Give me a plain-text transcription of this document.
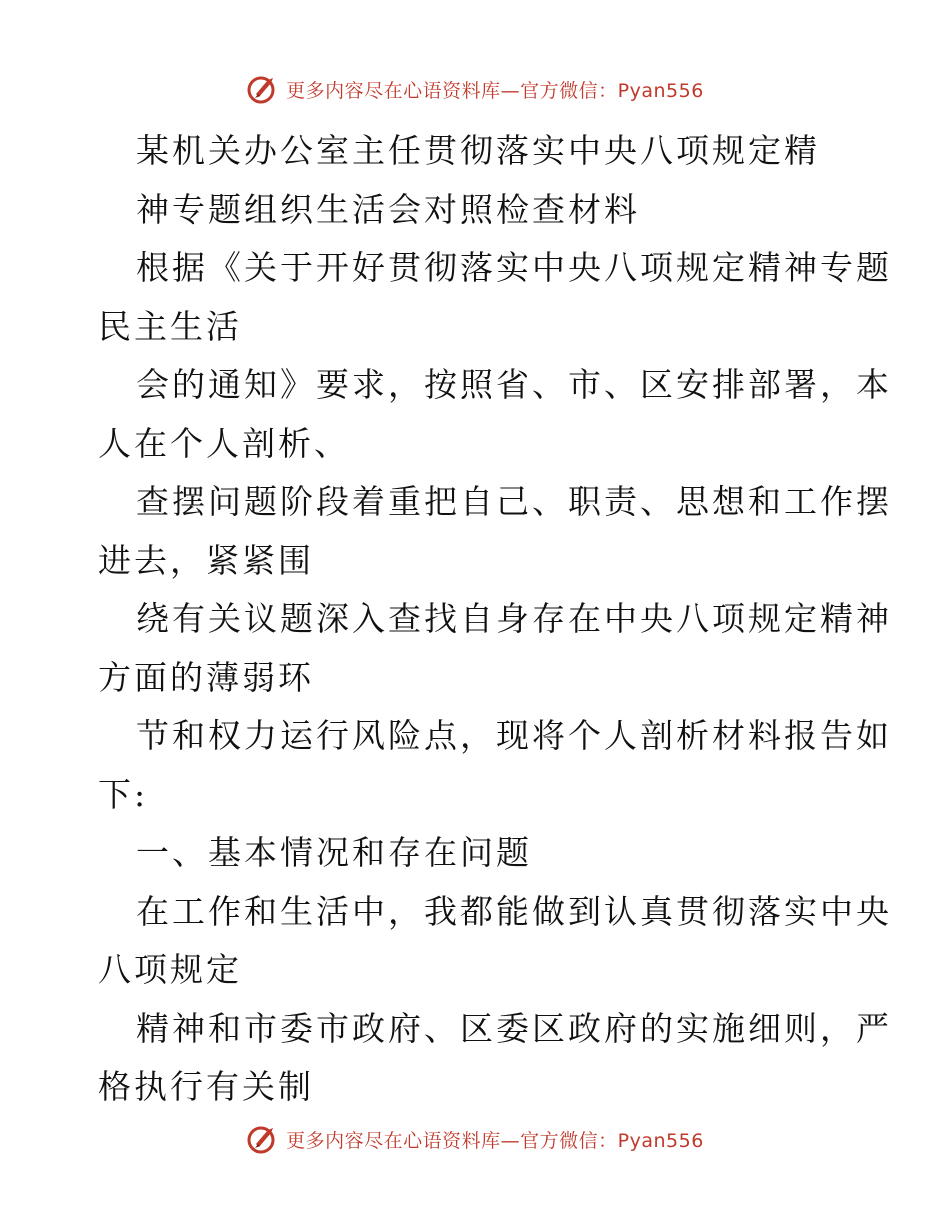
更多内容尽在心语资料库—官方微信：Pyan556
某机关办公室主任贯彻落实中央八项规定精
神专题组织生活会对照检查材料
根据《关于开好贯彻落实中央八项规定精神专题
民主生活
会的通知》要求，按照省、市、区安排部署，本
人在个人剖析、
查摆问题阶段着重把自己、职责、思想和工作摆
进去，紧紧围
绕有关议题深入查找自身存在中央八项规定精神
方面的薄弱环
节和权力运行风险点，现将个人剖析材料报告如
下:
一、基本情况和存在问题
在工作和生活中，我都能做到认真贯彻落实中央
八项规定
精神和市委市政府、区委区政府的实施细则，严
格执行有关制
更多内容尽在心语资料库—官方微信：Pyan556
